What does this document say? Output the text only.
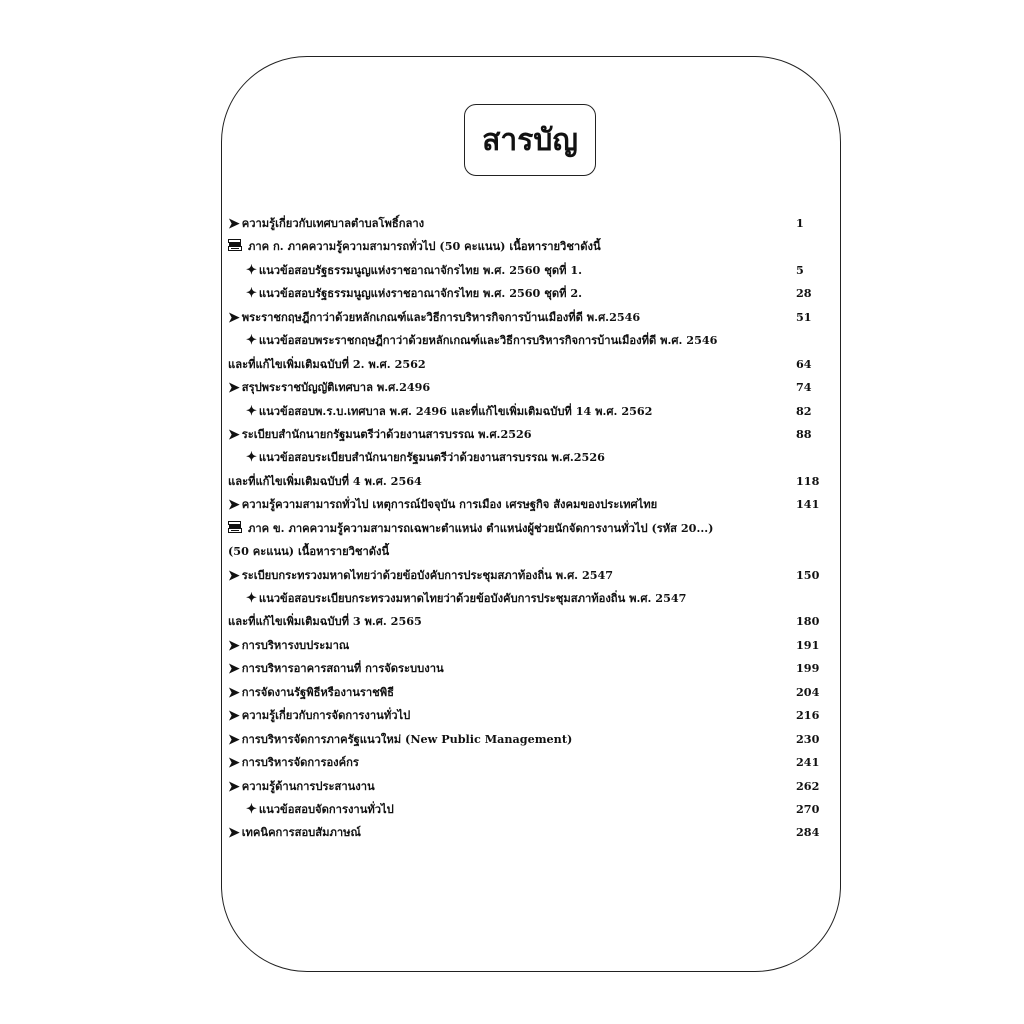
สารบัญ
➤ ความรู้เกี่ยวกับเทศบาลตำบลโพธิ์กลาง	1
ภาค ก. ภาคความรู้ความสามารถทั่วไป (50 คะแนน) เนื้อหารายวิชาดังนี้
✦ แนวข้อสอบรัฐธรรมนูญแห่งราชอาณาจักรไทย พ.ศ. 2560 ชุดที่ 1.	5
✦ แนวข้อสอบรัฐธรรมนูญแห่งราชอาณาจักรไทย พ.ศ. 2560 ชุดที่ 2.	28
➤ พระราชกฤษฎีกาว่าด้วยหลักเกณฑ์และวิธีการบริหารกิจการบ้านเมืองที่ดี พ.ศ.2546	51
✦ แนวข้อสอบพระราชกฤษฎีกาว่าด้วยหลักเกณฑ์และวิธีการบริหารกิจการบ้านเมืองที่ดี พ.ศ. 2546
และที่แก้ไขเพิ่มเติมฉบับที่ 2. พ.ศ. 2562	64
➤ สรุปพระราชบัญญัติเทศบาล พ.ศ.2496	74
✦ แนวข้อสอบพ.ร.บ.เทศบาล พ.ศ. 2496 และที่แก้ไขเพิ่มเติมฉบับที่ 14 พ.ศ. 2562	82
➤ ระเบียบสำนักนายกรัฐมนตรีว่าด้วยงานสารบรรณ พ.ศ.2526	88
✦ แนวข้อสอบระเบียบสำนักนายกรัฐมนตรีว่าด้วยงานสารบรรณ พ.ศ.2526
และที่แก้ไขเพิ่มเติมฉบับที่ 4 พ.ศ. 2564	118
➤ ความรู้ความสามารถทั่วไป เหตุการณ์ปัจจุบัน การเมือง เศรษฐกิจ สังคมของประเทศไทย	141
ภาค ข. ภาคความรู้ความสามารถเฉพาะตำแหน่ง ตำแหน่งผู้ช่วยนักจัดการงานทั่วไป (รหัส 20...)
(50 คะแนน) เนื้อหารายวิชาดังนี้
➤ ระเบียบกระทรวงมหาดไทยว่าด้วยข้อบังคับการประชุมสภาท้องถิ่น พ.ศ. 2547	150
✦ แนวข้อสอบระเบียบกระทรวงมหาดไทยว่าด้วยข้อบังคับการประชุมสภาท้องถิ่น พ.ศ. 2547
และที่แก้ไขเพิ่มเติมฉบับที่ 3 พ.ศ. 2565	180
➤ การบริหารงบประมาณ	191
➤ การบริหารอาคารสถานที่ การจัดระบบงาน	199
➤ การจัดงานรัฐพิธีหรืองานราชพิธี	204
➤ ความรู้เกี่ยวกับการจัดการงานทั่วไป	216
➤ การบริหารจัดการภาครัฐแนวใหม่ (New Public Management)	230
➤ การบริหารจัดการองค์กร	241
➤ ความรู้ด้านการประสานงาน	262
✦ แนวข้อสอบจัดการงานทั่วไป	270
➤ เทคนิคการสอบสัมภาษณ์	284
